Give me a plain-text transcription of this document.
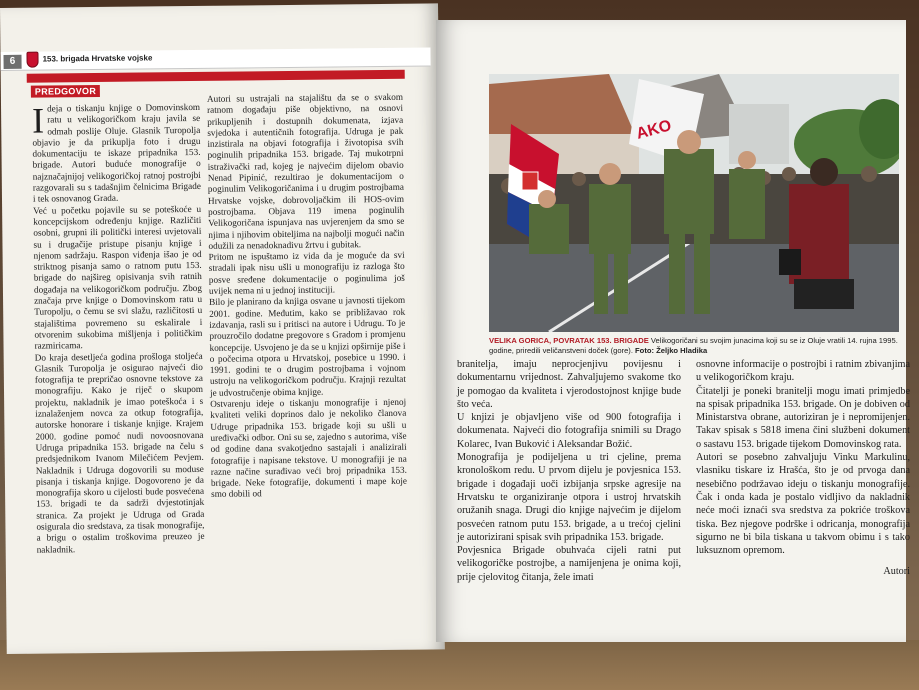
6	153. brigada Hrvatske vojske
PREDGOVOR

Ideja o tiskanju knjige o Domovinskom ratu u velikogoričkom kraju javila se odmah poslije Oluje. Glasnik Turopolja objavio je da prikuplja foto i drugu dokumentaciju te iskaze pripadnika 153. brigade. Autori buduće monografije o najznačajnijoj velikogoričkoj ratnoj postrojbi razgovarali su s tadašnjim čelnicima Brigade i tek osnovanog Grada.

Već u početku pojavile su se poteškoće u koncepcijskom određenju knjige. Različiti osobni, grupni ili politički interesi uvjetovali su i drugačije pristupe pisanju knjige i njenom sadržaju. Raspon viđenja išao je od striktnog pisanja samo o ratnom putu 153. brigade do najšireg opisivanja svih ratnih događaja na velikogoričkom području. Zbog značaja prve knjige o Domovinskom ratu u Turopolju, o čemu se svi slažu, različitosti u stajalištima povremeno su eskalirale i otvorenim sukobima mišljenja i političkim razmiricama.

Do kraja desetljeća godina prošloga stoljeća Glasnik Turopolja je osigurao najveći dio fotografija te prepričao osnovne tekstove za monografiju. Kako je riječ o skupom projektu, nakladnik je imao poteškoća i s iznalaženjem novca za otkup fotografija, autorske honorare i tiskanje knjige. Krajem 2000. godine pomoć nudi novoosnovana Udruga pripadnika 153. brigade na čelu s predsjednikom Ivanom Milečićem Pevjem. Nakladnik i Udruga dogovorili su moduse pisanja i tiskanja knjige. Dogovoreno je da monografija skoro u cijelosti bude posvećena 153. brigadi te da sadrži dvjestotinjak stranica. Za projekt je Udruga od Grada osigurala dio sredstava, za tisak monografije, a brigu o ostalim troškovima preuzeo je nakladnik.

Autori su ustrajali na stajalištu da se o svakom ratnom događaju piše objektivno, na osnovi prikupljenih i dostupnih dokumenata, izjava svjedoka i autentičnih fotografija. Udruga je pak inzistirala na objavi fotografija i životopisa svih poginulih pripadnika 153. brigade. Taj mukotrpni istraživački rad, kojeg je najvećim dijelom obavio Nenad Pipinić, rezultirao je dokumentacijom o poginulim Velikogoričanima i u drugim postrojbama Hrvatske vojske, dobrovoljačkim ili HOS-ovim postrojbama. Objava 119 imena poginulih Velikogoričana ispunjava nas uvjerenjem da smo se njima i njihovim obiteljima na najbolji mogući način odužili za nenadoknadivu žrtvu i gubitak.

Pritom ne ispuštamo iz vida da je moguće da svi stradali ipak nisu ušli u monografiju iz razloga što posve sređene dokumentacije o poginulima još uvijek nema ni u jednoj instituciji.

Bilo je planirano da knjiga osvane u javnosti tijekom 2001. godine. Međutim, kako se približavao rok izdavanja, rasli su i pritisci na autore i Udrugu. To je prouzročilo dodatne pregovore s Gradom i promjenu koncepcije. Usvojeno je da se u knjizi opširnije piše i o počecima otpora u Hrvatskoj, posebice u 1990. i 1991. godini te o drugim postrojbama i vojnom ustroju na velikogoričkom području. Krajnji rezultat je udvostručenje obima knjige.

Ostvarenju ideje o tiskanju monografije i njenoj kvaliteti veliki doprinos dalo je nekoliko članova Udruge pripadnika 153. brigade koji su ušli u uređivački odbor. Oni su se, zajedno s autorima, više od godine dana svakotjedno sastajali i analizirali fotografije i napisane tekstove. U monografiji je na razne načine surađivao veći broj pripadnika 153. brigade. Neke fotografije, dokumenti i mape koje smo dobili od

AKO
VELIKA GORICA, POVRATAK 153. BRIGADE Velikogoričani su svojim junacima koji su se iz Oluje vratili 14. rujna 1995. godine, priredili veličanstveni doček (gore). Foto: Željko Hladika

branitelja, imaju neprocjenjivu povijesnu i dokumentarnu vrijednost. Zahvaljujemo svakome tko je pomogao da kvaliteta i vjerodostojnost knjige bude što veća.

U knjizi je objavljeno više od 900 fotografija i dokumenata. Najveći dio fotografija snimili su Drago Kolarec, Ivan Buković i Aleksandar Božić.

Monografija je podijeljena u tri cjeline, prema kronološkom redu. U prvom dijelu je povjesnica 153. brigade i događaji uoči izbijanja srpske agresije na Hrvatsku te organiziranje otpora i ustroj hrvatskih oružanih snaga. Drugi dio knjige najvećim je dijelom posvećen ratnom putu 153. brigade, a u trećoj cjelini je autorizirani spisak svih pripadnika 153. brigade.

Povjesnica Brigade obuhvaća cijeli ratni put velikogoričke postrojbe, a namijenjena je onima koji, prije cjelovitog čitanja, žele imati

osnovne informacije o postrojbi i ratnim zbivanjima u velikogoričkom kraju.

Čitatelji je poneki branitelji mogu imati primjedbe na spisak pripadnika 153. brigade. On je dobiven od Ministarstva obrane, autoriziran je i nepromijenjen. Takav spisak s 5818 imena čini službeni dokument o sastavu 153. brigade tijekom Domovinskog rata.

Autori se posebno zahvaljuju Vinku Markulinu, vlasniku tiskare iz Hrašća, što je od prvoga dana nesebično podržavao ideju o tiskanju monografije. Čak i onda kada je postalo vidljivo da nakladnik neće moći iznaći sva sredstva za pokriće troškova tiska. Bez njegove podrške i odricanja, monografija sigurno ne bi bila tiskana u takvom obimu i s tako luksuznom opremom.

Autori
